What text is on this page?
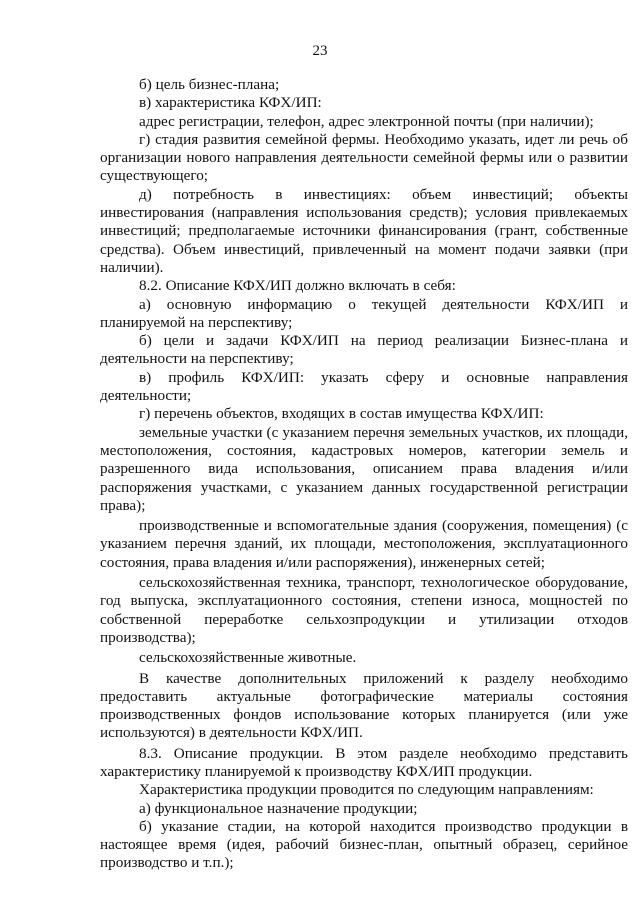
23

б) цель бизнес-плана;

в) характеристика КФХ/ИП:

адрес регистрации, телефон, адрес электронной почты (при наличии);

г) стадия развития семейной фермы. Необходимо указать, идет ли речь об организации нового направления деятельности семейной фермы или о развитии существующего;

д) потребность в инвестициях: объем инвестиций; объекты инвестирования (направления использования средств); условия привлекаемых инвестиций; предполагаемые источники финансирования (грант, собственные средства). Объем инвестиций, привлеченный на момент подачи заявки (при наличии).

8.2. Описание КФХ/ИП должно включать в себя:

а) основную информацию о текущей деятельности КФХ/ИП и планируемой на перспективу;

б) цели и задачи КФХ/ИП на период реализации Бизнес-плана и деятельности на перспективу;

в) профиль КФХ/ИП: указать сферу и основные направления деятельности;

г) перечень объектов, входящих в состав имущества КФХ/ИП:

земельные участки (с указанием перечня земельных участков, их площади, местоположения, состояния, кадастровых номеров, категории земель и разрешенного вида использования, описанием права владения и/или распоряжения участками, с указанием данных государственной регистрации права);

производственные и вспомогательные здания (сооружения, помещения) (с указанием перечня зданий, их площади, местоположения, эксплуатационного состояния, права владения и/или распоряжения), инженерных сетей;

сельскохозяйственная техника, транспорт, технологическое оборудование, год выпуска, эксплуатационного состояния, степени износа, мощностей по собственной переработке сельхозпродукции и утилизации отходов производства);

сельскохозяйственные животные.

В качестве дополнительных приложений к разделу необходимо предоставить актуальные фотографические материалы состояния производственных фондов использование которых планируется (или уже используются) в деятельности КФХ/ИП.

8.3. Описание продукции. В этом разделе необходимо представить характеристику планируемой к производству КФХ/ИП продукции.

Характеристика продукции проводится по следующим направлениям:

а) функциональное назначение продукции;

б) указание стадии, на которой находится производство продукции в настоящее время (идея, рабочий бизнес-план, опытный образец, серийное производство и т.п.);
